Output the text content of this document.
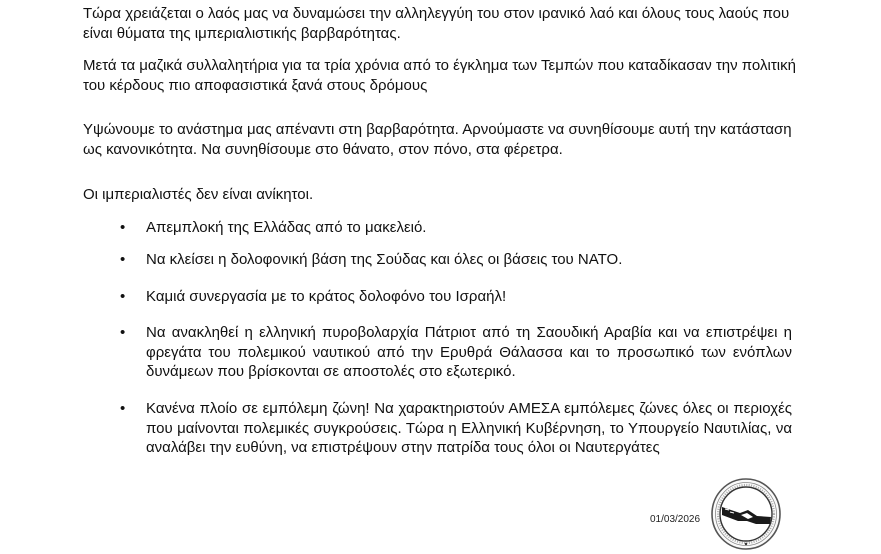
Τώρα χρειάζεται ο λαός μας να δυναμώσει την αλληλεγγύη του στον ιρανικό λαό και όλους τους λαούς που είναι θύματα της ιμπεριαλιστικής βαρβαρότητας.

Μετά τα μαζικά συλλαλητήρια για τα τρία χρόνια από το έγκλημα των Τεμπών που καταδίκασαν την πολιτική του κέρδους πιο αποφασιστικά ξανά στους δρόμους

Υψώνουμε το ανάστημα μας απέναντι στη βαρβαρότητα. Αρνούμαστε να συνηθίσουμε αυτή την κατάσταση ως κανονικότητα. Να συνηθίσουμε στο θάνατο, στον πόνο, στα φέρετρα.

Οι ιμπεριαλιστές δεν είναι ανίκητοι.

•	Απεμπλοκή της Ελλάδας από το μακελειό.
•	Να κλείσει η δολοφονική βάση της Σούδας και όλες οι βάσεις του ΝΑΤΟ.
•	Καμιά συνεργασία με το κράτος δολοφόνο του Ισραήλ!
•	Να ανακληθεί η ελληνική πυροβολαρχία Πάτριοτ από τη Σαουδική Αραβία και να επιστρέψει η φρεγάτα του πολεμικού ναυτικού από την Ερυθρά Θάλασσα και το προσωπικό των ενόπλων δυνάμεων που βρίσκονται σε αποστολές στο εξωτερικό.
•	Κανένα πλοίο σε εμπόλεμη ζώνη! Να χαρακτηριστούν ΑΜΕΣΑ εμπόλεμες ζώνες όλες οι περιοχές που μαίνονται πολεμικές συγκρούσεις. Τώρα η Ελληνική Κυβέρνηση, το Υπουργείο Ναυτιλίας, να αναλάβει την ευθύνη, να επιστρέψουν στην πατρίδα τους όλοι οι Ναυτεργάτες
01/03/2026
